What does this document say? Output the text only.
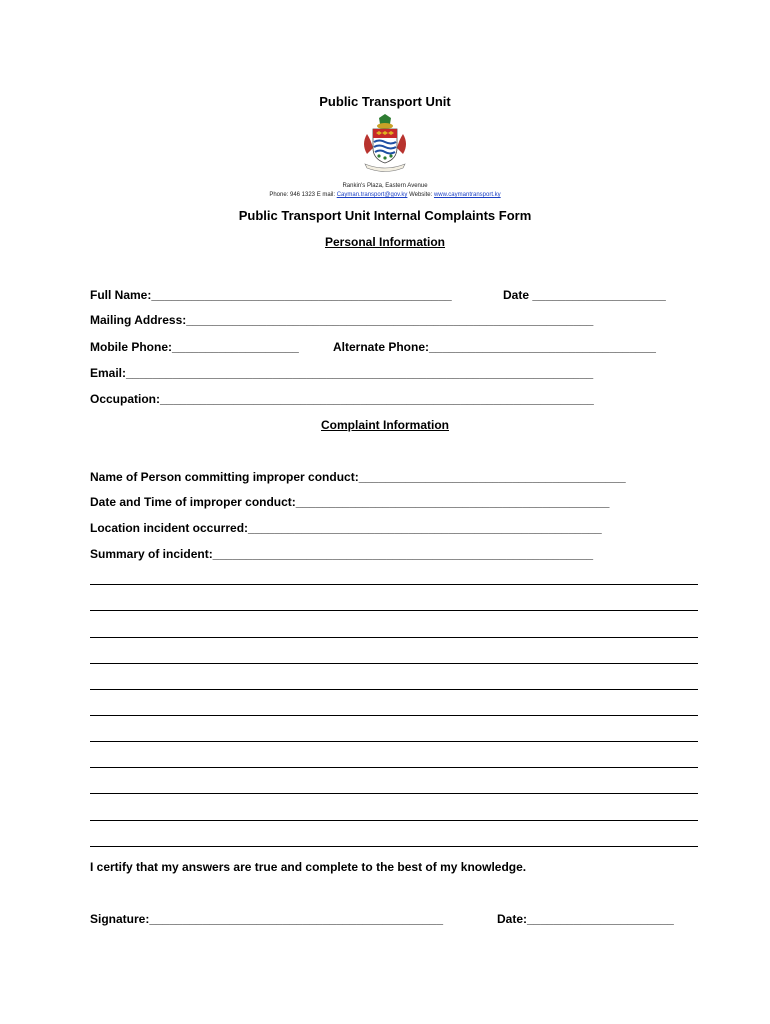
Public Transport Unit
Rankin's Plaza, Eastern Avenue
Phone: 946 1323 E mail: Cayman.transport@gov.ky Website: www.caymantransport.ky
Public Transport Unit Internal Complaints Form
Personal Information
Full Name:_____________________________________________	Date ____________________
Mailing Address:_____________________________________________________________
Mobile Phone:___________________	Alternate Phone:__________________________________
Email:______________________________________________________________________
Occupation:_________________________________________________________________
Complaint Information
Name of Person committing improper conduct:________________________________________
Date and Time of improper conduct:_______________________________________________
Location incident occurred:_____________________________________________________
Summary of incident:_________________________________________________________
I certify that my answers are true and complete to the best of my knowledge.
Signature:____________________________________________	Date:______________________
